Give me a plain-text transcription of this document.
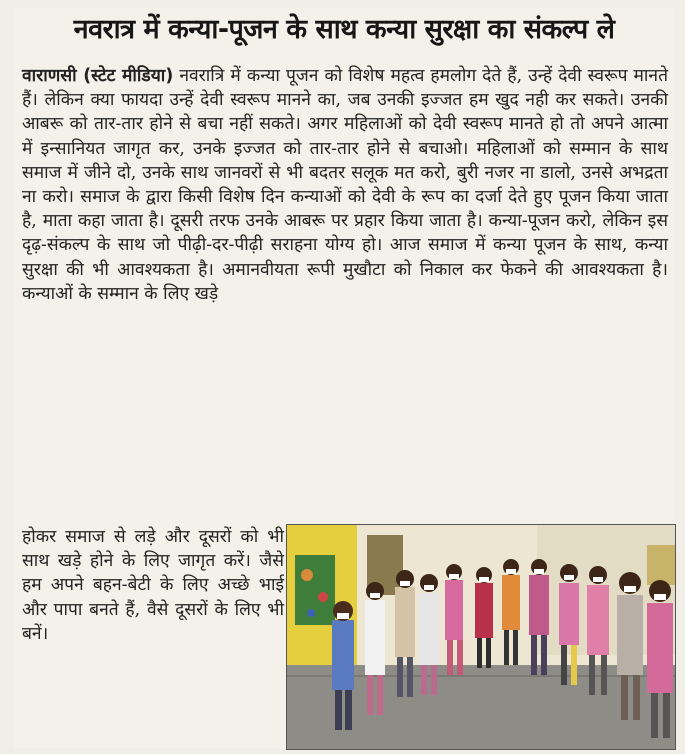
नवरात्र में कन्या-पूजन के साथ कन्या सुरक्षा का संकल्प ले
वाराणसी (स्टेट मीडिया) नवरात्रि में कन्या पूजन को विशेष महत्व हमलोग देते हैं, उन्हें देवी स्वरूप मानते हैं। लेकिन क्या फायदा उन्हें देवी स्वरूप मानने का, जब उनकी इज्जत हम खुद नही कर सकते। उनकी आबरू को तार-तार होने से बचा नहीं सकते। अगर महिलाओं को देवी स्वरूप मानते हो तो अपने आत्मा में इन्सानियत जागृत कर, उनके इज्जत को तार-तार होने से बचाओ। महिलाओं को सम्मान के साथ समाज में जीने दो, उनके साथ जानवरों से भी बदतर सलूक मत करो, बुरी नजर ना डालो, उनसे अभद्रता ना करो। समाज के द्वारा किसी विशेष दिन कन्याओं को देवी के रूप का दर्जा देते हुए पूजन किया जाता है, माता कहा जाता है। दूसरी तरफ उनके आबरू पर प्रहार किया जाता है। कन्या-पूजन करो, लेकिन इस दृढ़-संकल्प के साथ जो पीढ़ी-दर-पीढ़ी सराहना योग्य हो। आज समाज में कन्या पूजन के साथ, कन्या सुरक्षा की भी आवश्यकता है। अमानवीयता रूपी मुखौटा को निकाल कर फेकने की आवश्यकता है। कन्याओं के सम्मान के लिए खड़े
होकर समाज से लड़े और दूसरों को भी साथ खड़े होने के लिए जागृत करें। जैसे हम अपने बहन-बेटी के लिए अच्छे भाई और पापा बनते हैं, वैसे दूसरों के लिए भी बनें।
